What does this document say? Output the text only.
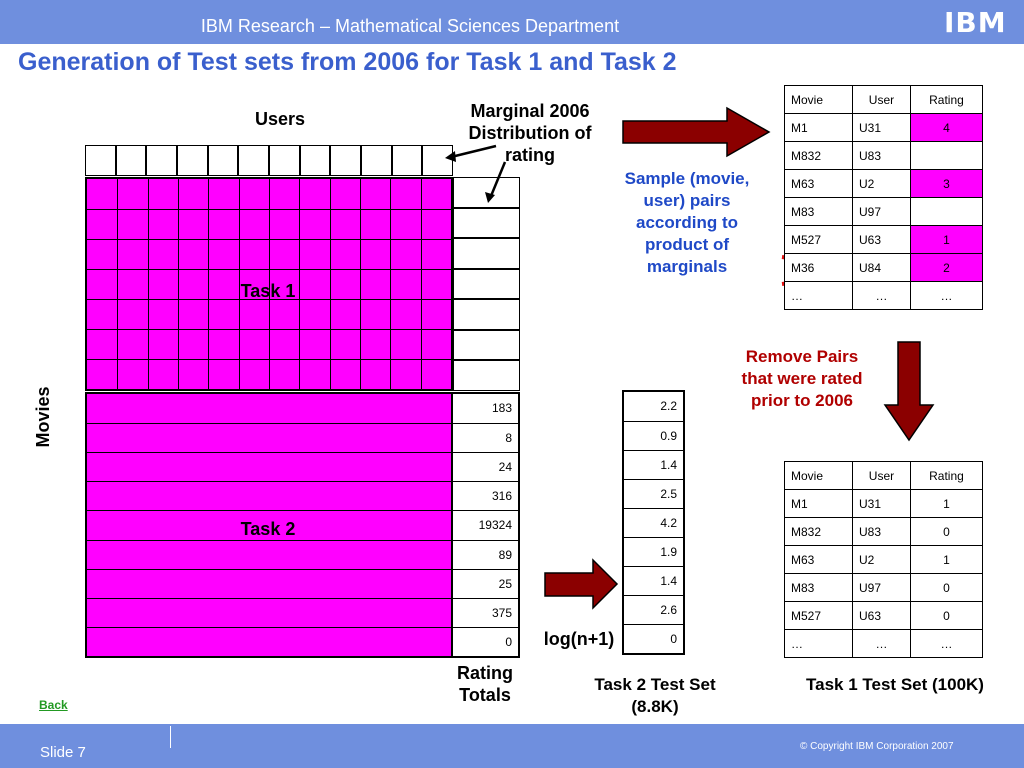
IBM Research – Mathematical Sciences Department	IBM
Generation of Test sets from 2006 for Task 1 and Task 2
Users
Movies
Marginal 2006 Distribution of rating
Task 1
Task 2
183
8
24
316
19324
89
25
375
0
Rating Totals
2.2
0.9
1.4
2.5
4.2
1.9
1.4
2.6
0
log(n+1)
Sample (movie, user) pairs according to product of marginals
Movie	User	Rating
M1	U31	4
M832	U83	
M63	U2	3
M83	U97	
M527	U63	1
M36	U84	2
…	…	…
Remove Pairs that were rated prior to 2006
Movie	User	Rating
M1	U31	1
M832	U83	0
M63	U2	1
M83	U97	0
M527	U63	0
…	…	…
Task 2 Test Set (8.8K)
Task 1 Test Set (100K)
Back
Slide 7	© Copyright IBM Corporation 2007
